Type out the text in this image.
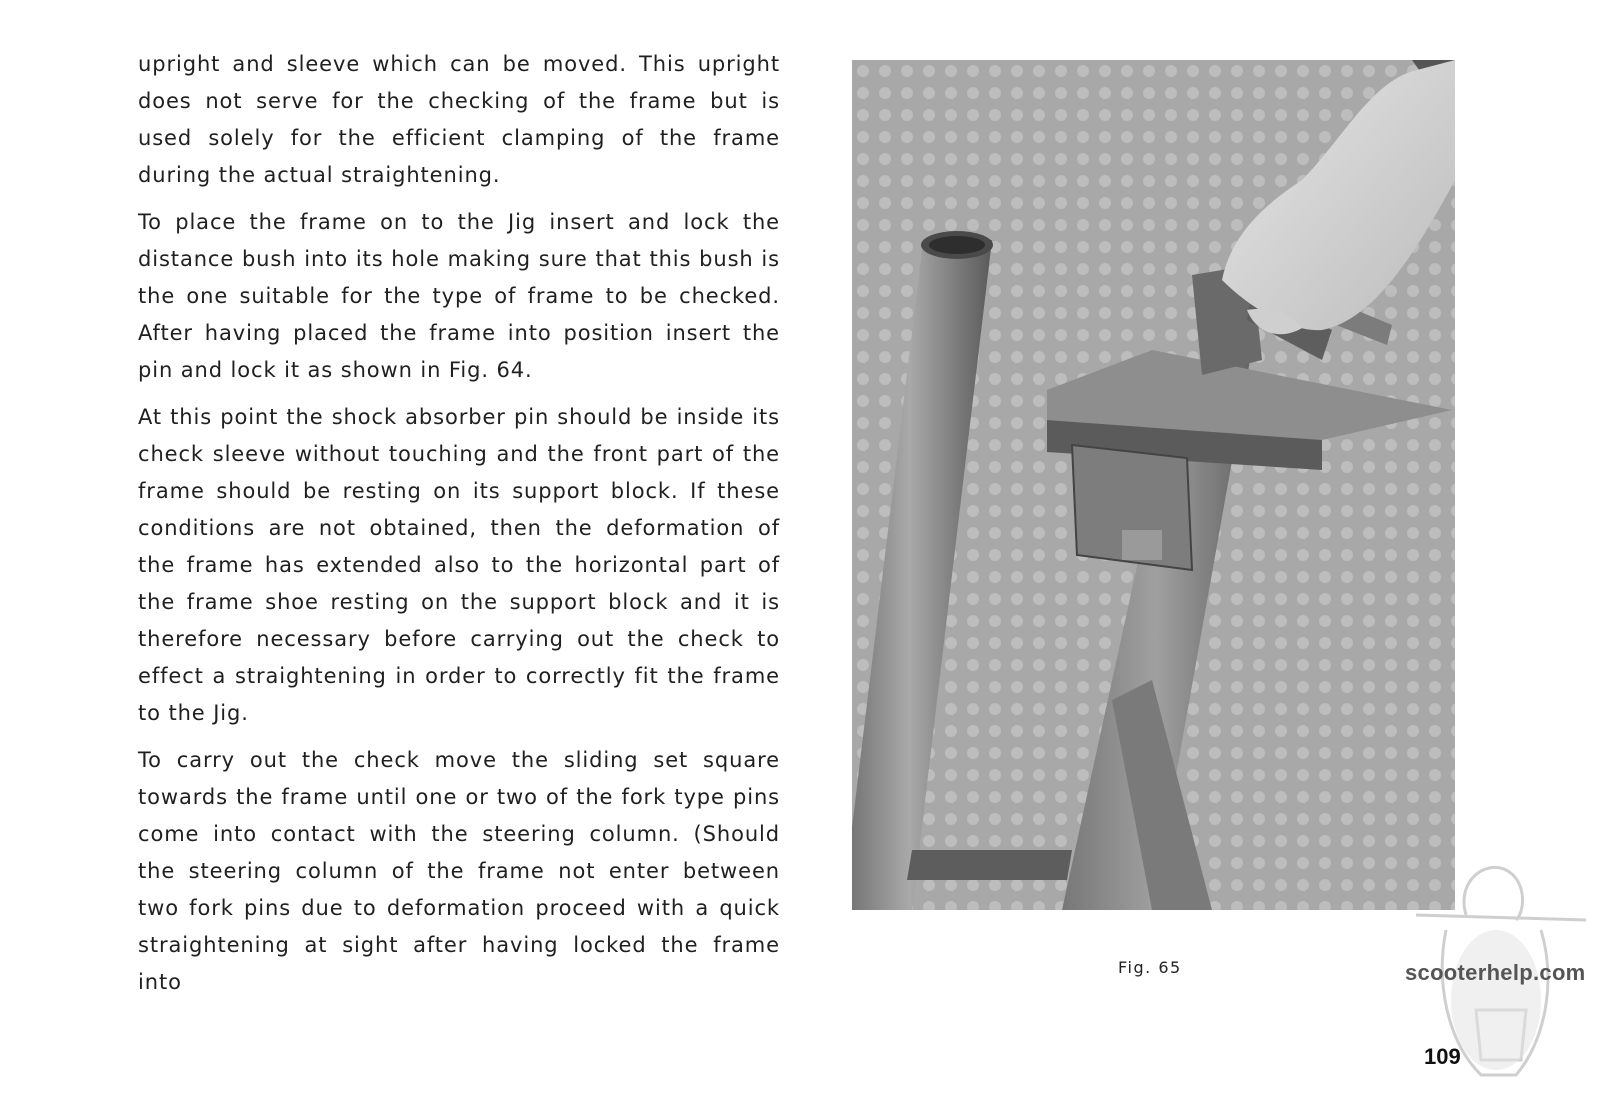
upright and sleeve which can be moved. This upright does not serve for the checking of the frame but is used solely for the efficient clamping of the frame during the actual straightening.

To place the frame on to the Jig insert and lock the distance bush into its hole making sure that this bush is the one suitable for the type of frame to be checked. After having placed the frame into position insert the pin and lock it as shown in Fig. 64.

At this point the shock absorber pin should be inside its check sleeve without touching and the front part of the frame should be resting on its support block. If these conditions are not obtained, then the deformation of the frame has extended also to the horizontal part of the frame shoe resting on the support block and it is therefore necessary before carrying out the check to effect a straightening in order to correctly fit the frame to the Jig.

To carry out the check move the sliding set square towards the frame until one or two of the fork type pins come into contact with the steering column. (Should the steering column of the frame not enter between two fork pins due to deformation proceed with a quick straightening at sight after having locked the frame into

Fig. 65	scooterhelp.com
109
